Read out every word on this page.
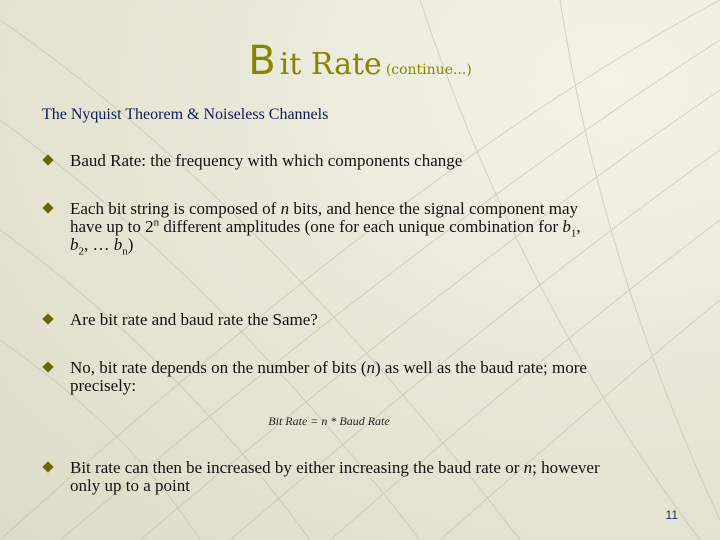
B it Rate (continue...)
The Nyquist Theorem & Noiseless Channels
Baud Rate: the frequency with which components change
Each bit string is composed of n bits, and hence the signal component may
have up to 2$^n$ different amplitudes (one for each unique combination for $b_1$,
$b_2$, … $b_n$)
Are bit rate and baud rate the Same?
No, bit rate depends on the number of bits (n) as well as the baud rate; more
precisely:
Bit Rate = n * Baud Rate
Bit rate can then be increased by either increasing the baud rate or n; however
only up to a point
11
